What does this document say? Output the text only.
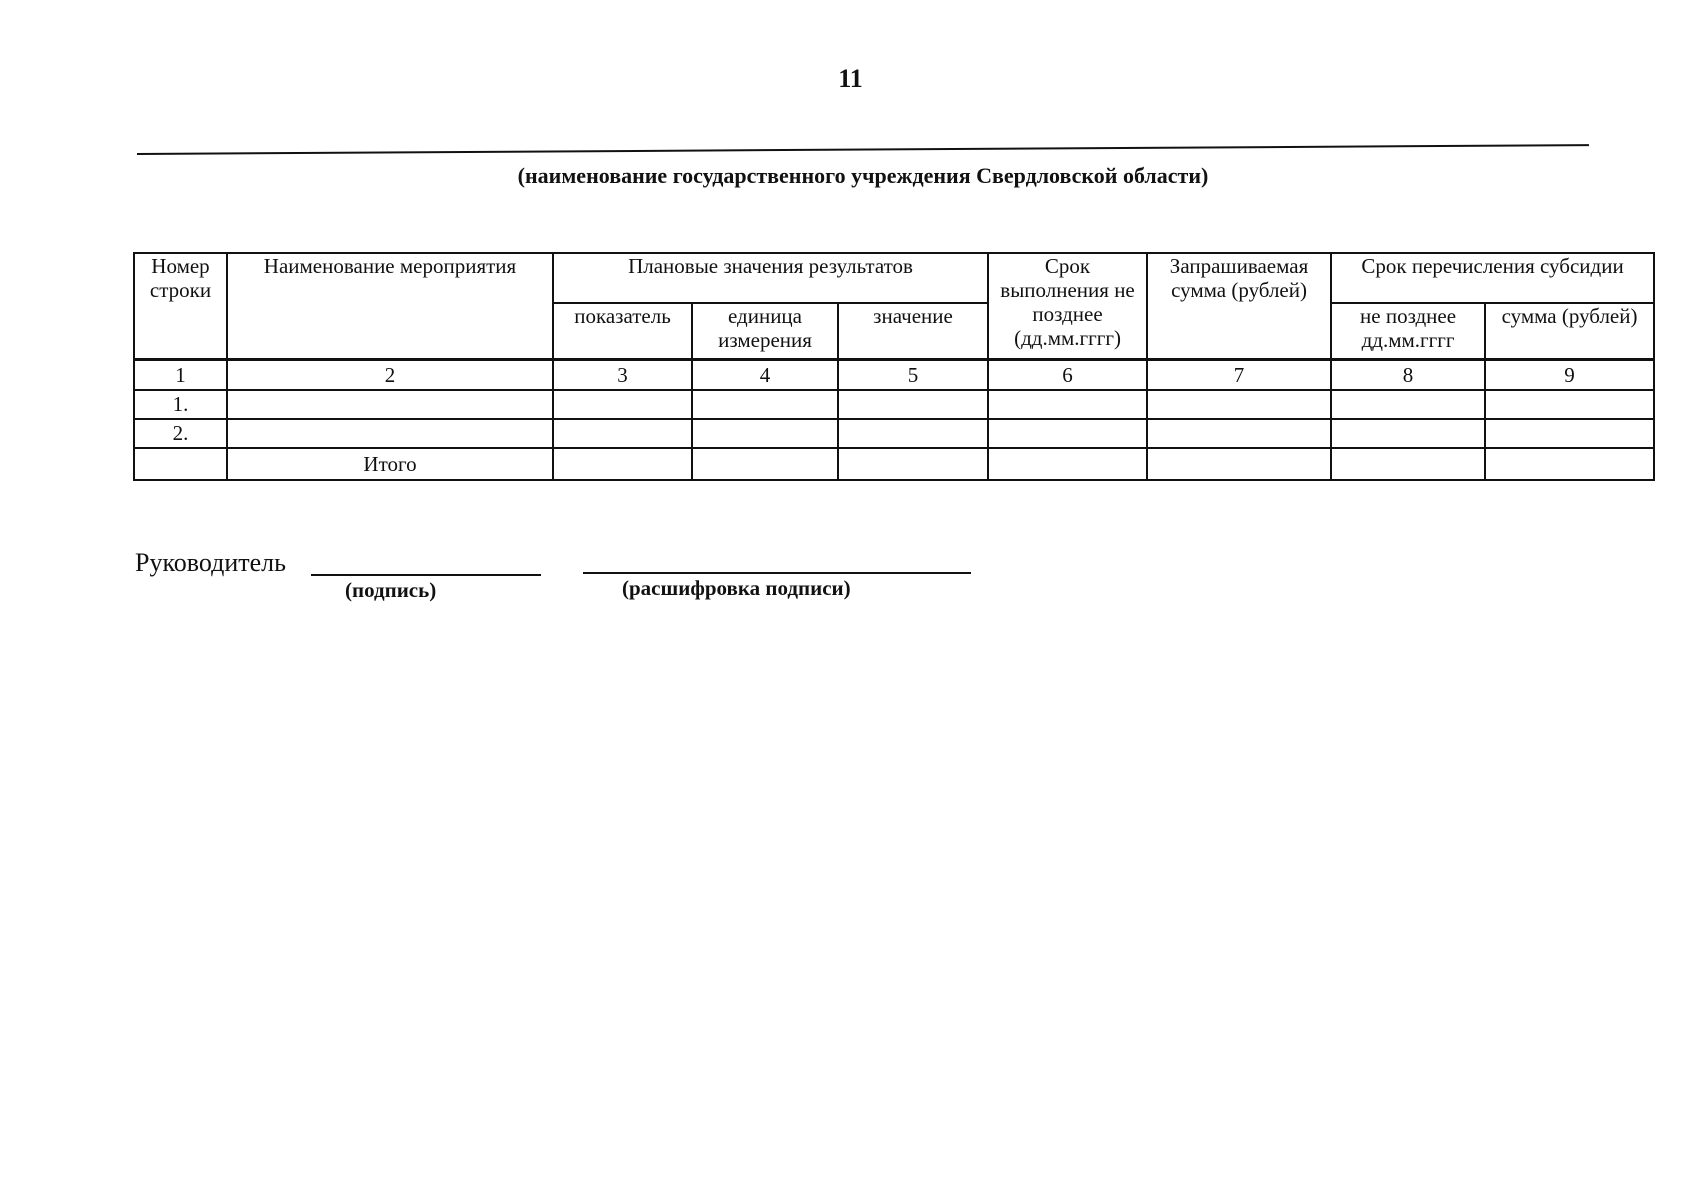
11
(наименование государственного учреждения Свердловской области)
Номер строки	Наименование мероприятия	Плановые значения результатов			Срок выполнения не позднее (дд.мм.гггг)	Запрашиваемая сумма (рублей)	Срок перечисления субсидии	
		показатель	единица измерения	значение			не позднее дд.мм.гггг	сумма (рублей)
1	2	3	4	5	6	7	8	9
1.								
2.								
	Итого							
Руководитель
(подпись)	(расшифровка подписи)
